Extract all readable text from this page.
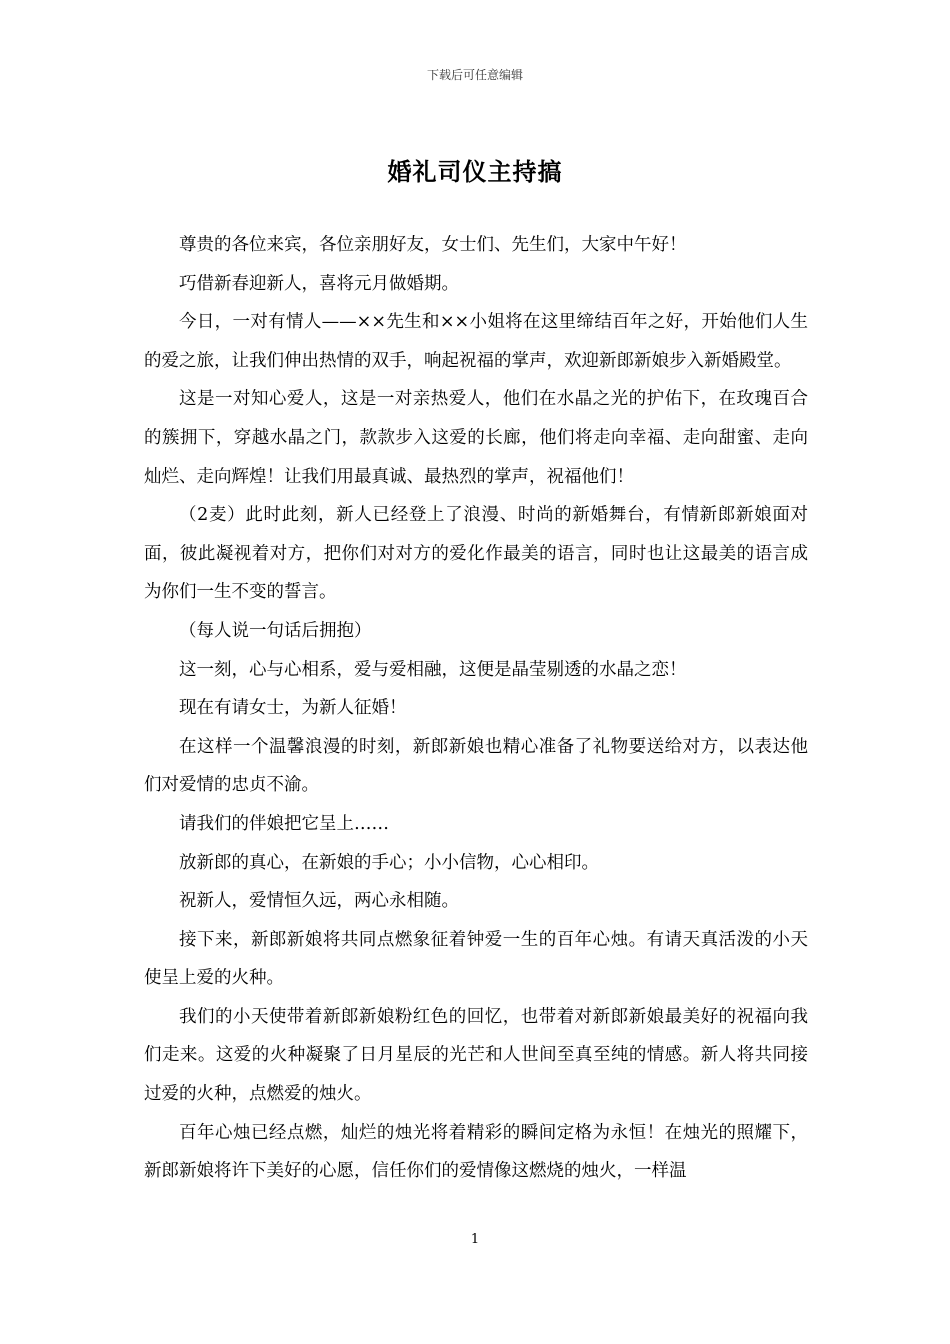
下载后可任意编辑
婚礼司仪主持搞

尊贵的各位来宾，各位亲朋好友，女士们、先生们，大家中午好！

巧借新春迎新人，喜将元月做婚期。

今日，一对有情人——××先生和××小姐将在这里缔结百年之好，开始他们人生的爱之旅，让我们伸出热情的双手，响起祝福的掌声，欢迎新郎新娘步入新婚殿堂。

这是一对知心爱人，这是一对亲热爱人，他们在水晶之光的护佑下，在玫瑰百合的簇拥下，穿越水晶之门，款款步入这爱的长廊，他们将走向幸福、走向甜蜜、走向灿烂、走向辉煌！让我们用最真诚、最热烈的掌声，祝福他们！

（2麦）此时此刻，新人已经登上了浪漫、时尚的新婚舞台，有情新郎新娘面对面，彼此凝视着对方，把你们对对方的爱化作最美的语言，同时也让这最美的语言成为你们一生不变的誓言。

（每人说一句话后拥抱）

这一刻，心与心相系，爱与爱相融，这便是晶莹剔透的水晶之恋！

现在有请女士，为新人征婚！

在这样一个温馨浪漫的时刻，新郎新娘也精心准备了礼物要送给对方，以表达他们对爱情的忠贞不渝。

请我们的伴娘把它呈上……

放新郎的真心，在新娘的手心；小小信物，心心相印。

祝新人，爱情恒久远，两心永相随。

接下来，新郎新娘将共同点燃象征着钟爱一生的百年心烛。有请天真活泼的小天使呈上爱的火种。

我们的小天使带着新郎新娘粉红色的回忆，也带着对新郎新娘最美好的祝福向我们走来。这爱的火种凝聚了日月星辰的光芒和人世间至真至纯的情感。新人将共同接过爱的火种，点燃爱的烛火。

百年心烛已经点燃，灿烂的烛光将着精彩的瞬间定格为永恒！在烛光的照耀下，新郎新娘将许下美好的心愿，信任你们的爱情像这燃烧的烛火，一样温

1
